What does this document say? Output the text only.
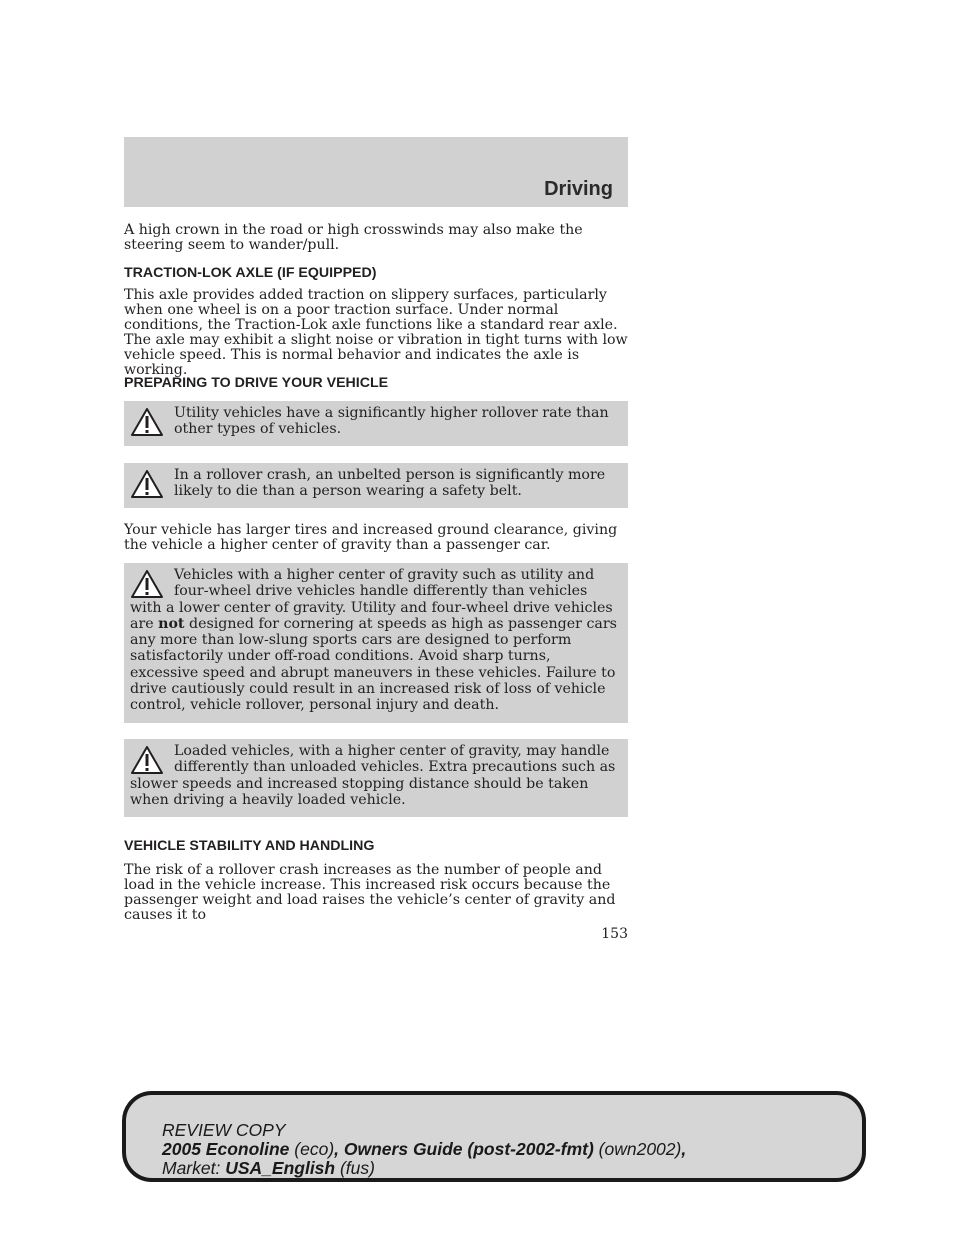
Driving

A high crown in the road or high crosswinds may also make the steering seem to wander/pull.

TRACTION-LOK AXLE (IF EQUIPPED)

This axle provides added traction on slippery surfaces, particularly when one wheel is on a poor traction surface. Under normal conditions, the Traction-Lok axle functions like a standard rear axle. The axle may exhibit a slight noise or vibration in tight turns with low vehicle speed. This is normal behavior and indicates the axle is working.

PREPARING TO DRIVE YOUR VEHICLE
Utility vehicles have a significantly higher rollover rate than other types of vehicles.
In a rollover crash, an unbelted person is significantly more likely to die than a person wearing a safety belt.

Your vehicle has larger tires and increased ground clearance, giving the vehicle a higher center of gravity than a passenger car.

Vehicles with a higher center of gravity such as utility and four-wheel drive vehicles handle differently than vehicles with a lower center of gravity. Utility and four-wheel drive vehicles are not designed for cornering at speeds as high as passenger cars any more than low-slung sports cars are designed to perform satisfactorily under off-road conditions. Avoid sharp turns, excessive speed and abrupt maneuvers in these vehicles. Failure to drive cautiously could result in an increased risk of loss of vehicle control, vehicle rollover, personal injury and death.
Loaded vehicles, with a higher center of gravity, may handle differently than unloaded vehicles. Extra precautions such as slower speeds and increased stopping distance should be taken when driving a heavily loaded vehicle.
VEHICLE STABILITY AND HANDLING

The risk of a rollover crash increases as the number of people and load in the vehicle increase. This increased risk occurs because the passenger weight and load raises the vehicle’s center of gravity and causes it to

153
REVIEW COPY
2005 Econoline (eco), Owners Guide (post-2002-fmt) (own2002),
Market: USA_English (fus)
